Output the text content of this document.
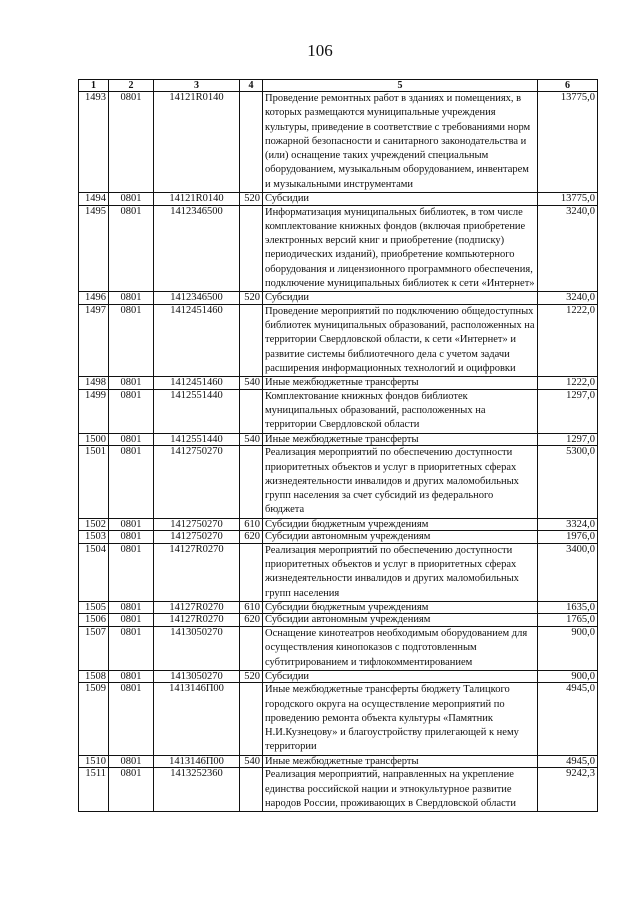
106
1	2	3	4	5	6
1493	0801	14121R0140		Проведение ремонтных работ в зданиях и помещениях, в которых размещаются муниципальные учреждения культуры, приведение в соответствие с требованиями норм пожарной безопасности и санитарного законодательства и (или) оснащение таких учреждений специальным оборудованием, музыкальным оборудованием, инвентарем и музыкальными инструментами	13775,0
1494	0801	14121R0140	520	Субсидии	13775,0
1495	0801	1412346500		Информатизация муниципальных библиотек, в том числе комплектование книжных фондов (включая приобретение электронных версий книг и приобретение (подписку) периодических изданий), приобретение компьютерного оборудования и лицензионного программного обеспечения, подключение муниципальных библиотек к сети «Интернет»	3240,0
1496	0801	1412346500	520	Субсидии	3240,0
1497	0801	1412451460		Проведение мероприятий по подключению общедоступных библиотек муниципальных образований, расположенных на территории Свердловской области, к сети «Интернет» и развитие системы библиотечного дела с учетом задачи расширения информационных технологий и оцифровки	1222,0
1498	0801	1412451460	540	Иные межбюджетные трансферты	1222,0
1499	0801	1412551440		Комплектование книжных фондов библиотек муниципальных образований, расположенных на территории Свердловской области	1297,0
1500	0801	1412551440	540	Иные межбюджетные трансферты	1297,0
1501	0801	1412750270		Реализация мероприятий по обеспечению доступности приоритетных объектов и услуг в приоритетных сферах жизнедеятельности инвалидов и других маломобильных групп населения за счет субсидий из федерального бюджета	5300,0
1502	0801	1412750270	610	Субсидии бюджетным учреждениям	3324,0
1503	0801	1412750270	620	Субсидии автономным учреждениям	1976,0
1504	0801	14127R0270		Реализация мероприятий по обеспечению доступности приоритетных объектов и услуг в приоритетных сферах жизнедеятельности инвалидов и других маломобильных групп населения	3400,0
1505	0801	14127R0270	610	Субсидии бюджетным учреждениям	1635,0
1506	0801	14127R0270	620	Субсидии автономным учреждениям	1765,0
1507	0801	1413050270		Оснащение кинотеатров необходимым оборудованием для осуществления кинопоказов с подготовленным субтитрированием и тифлокомментированием	900,0
1508	0801	1413050270	520	Субсидии	900,0
1509	0801	141З146П00		Иные межбюджетные трансферты бюджету Талицкого городского округа на осуществление мероприятий по проведению ремонта объекта культуры «Памятник Н.И.Кузнецову» и благоустройству прилегающей к нему территории	4945,0
1510	0801	141З146П00	540	Иные межбюджетные трансферты	4945,0
1511	0801	1413252360		Реализация мероприятий, направленных на укрепление единства российской нации и этнокультурное развитие народов России, проживающих в Свердловской области	9242,3
